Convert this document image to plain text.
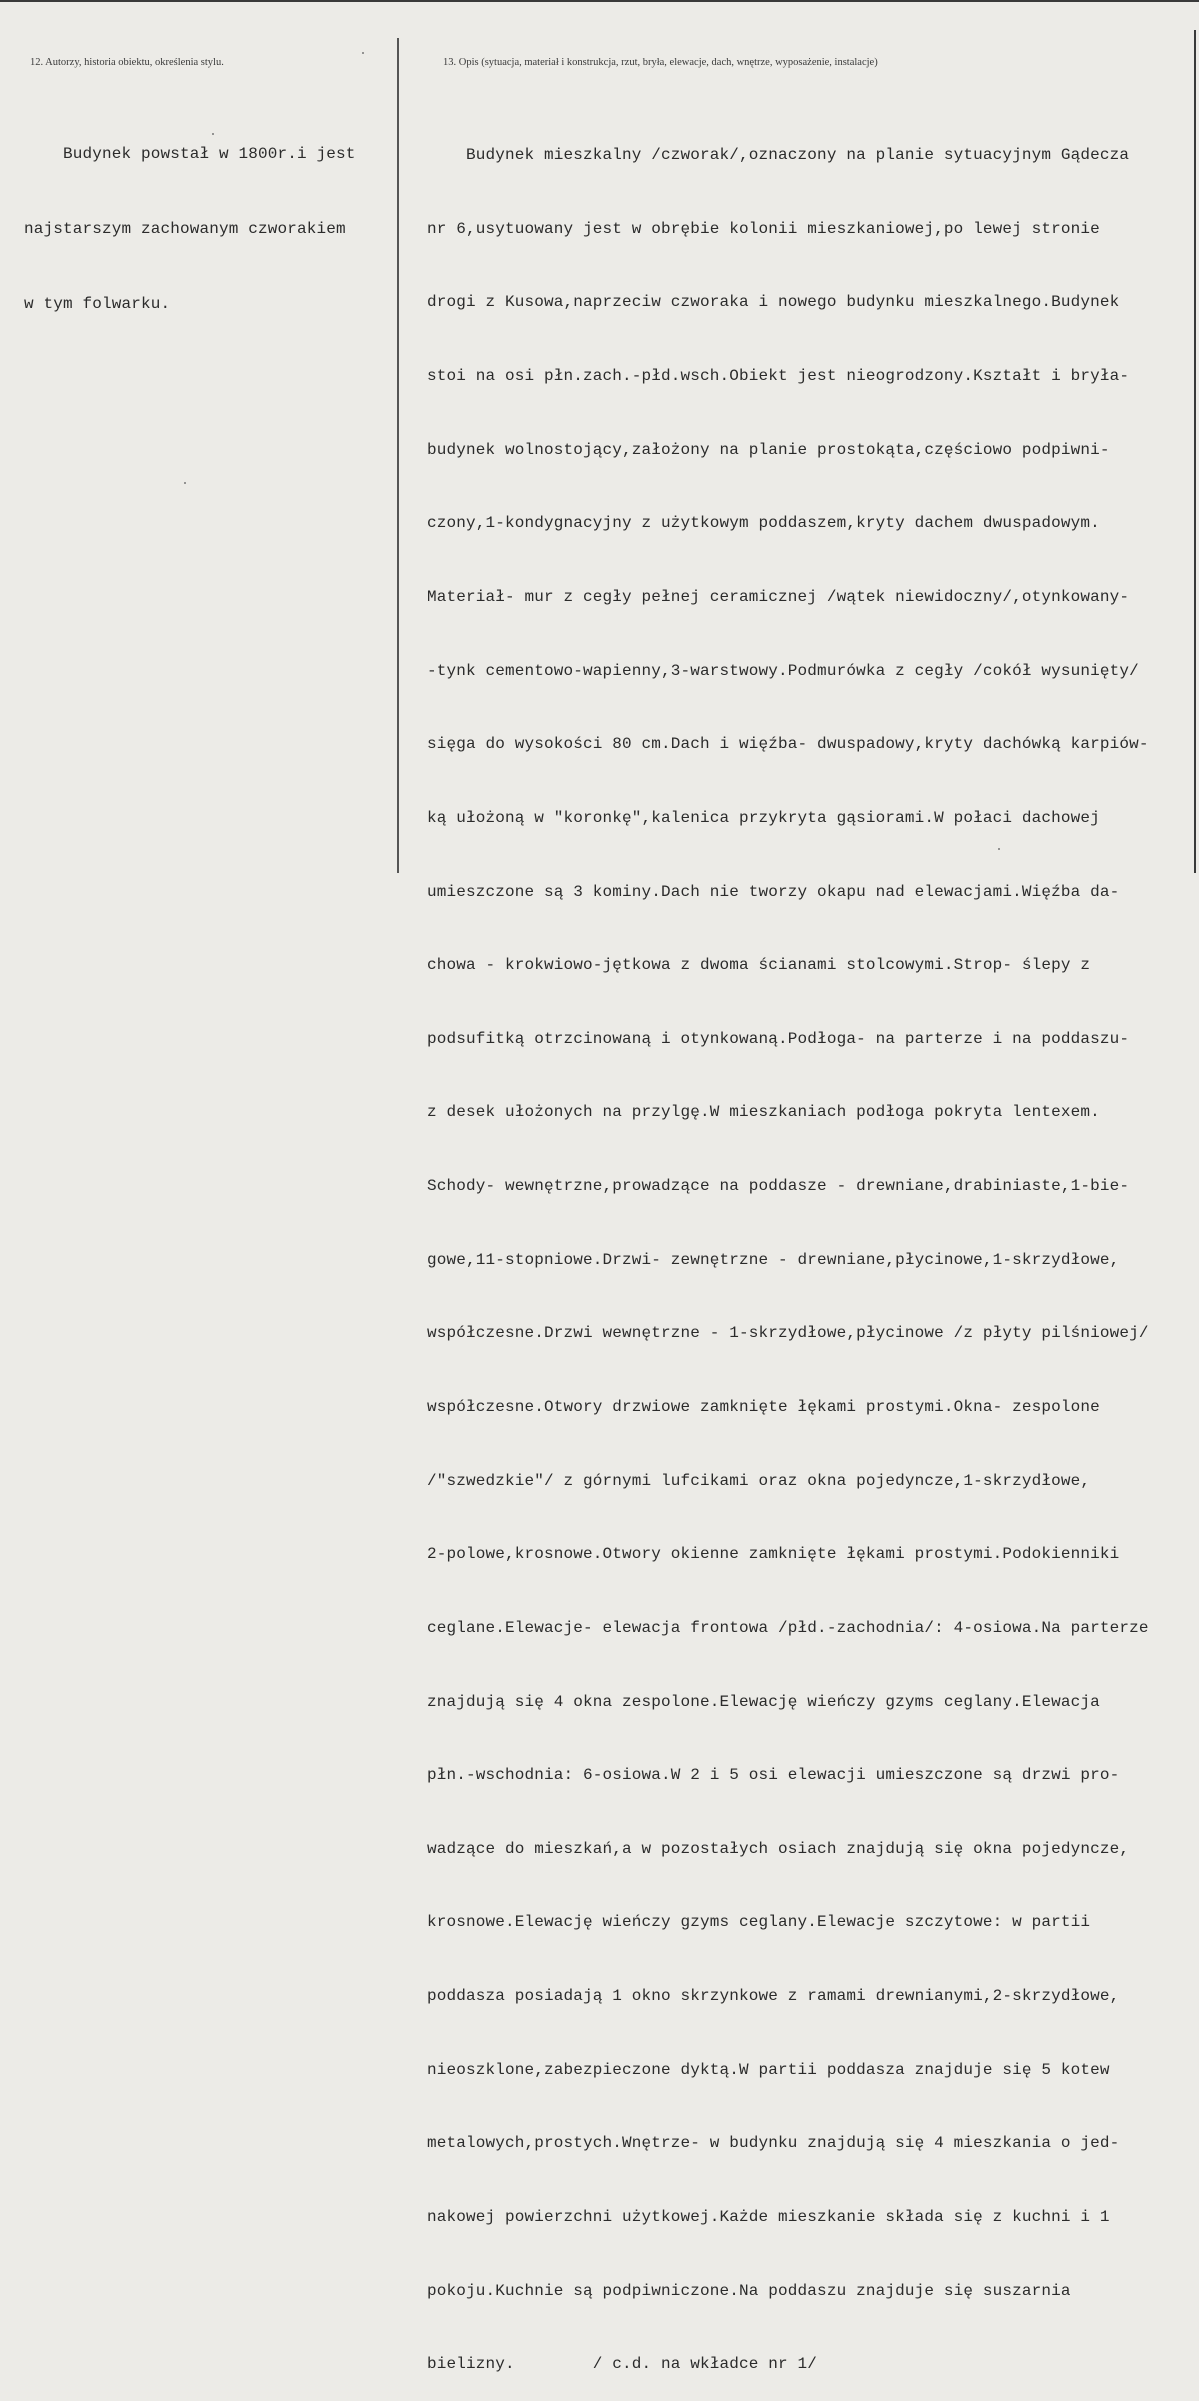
12. Autorzy, historia obiektu, określenia stylu.	13. Opis (sytuacja, materiał i konstrukcja, rzut, bryła, elewacje, dach, wnętrze, wyposażenie, instalacje)

Budynek powstał w 1800r.i jest

najstarszym zachowanym czworakiem

w tym folwarku.

Budynek mieszkalny /czworak/,oznaczony na planie sytuacyjnym Gądecza

nr 6,usytuowany jest w obrębie kolonii mieszkaniowej,po lewej stronie

drogi z Kusowa,naprzeciw czworaka i nowego budynku mieszkalnego.Budynek

stoi na osi płn.zach.-płd.wsch.Obiekt jest nieogrodzony.Kształt i bryła-

budynek wolnostojący,założony na planie prostokąta,częściowo podpiwni-

czony,1-kondygnacyjny z użytkowym poddaszem,kryty dachem dwuspadowym.

Materiał- mur z cegły pełnej ceramicznej /wątek niewidoczny/,otynkowany-

-tynk cementowo-wapienny,3-warstwowy.Podmurówka z cegły /cokół wysunięty/

sięga do wysokości 80 cm.Dach i więźba- dwuspadowy,kryty dachówką karpiów-

ką ułożoną w "koronkę",kalenica przykryta gąsiorami.W połaci dachowej

umieszczone są 3 kominy.Dach nie tworzy okapu nad elewacjami.Więźba da-

chowa - krokwiowo-jętkowa z dwoma ścianami stolcowymi.Strop- ślepy z

podsufitką otrzcinowaną i otynkowaną.Podłoga- na parterze i na poddaszu-

z desek ułożonych na przylgę.W mieszkaniach podłoga pokryta lentexem.

Schody- wewnętrzne,prowadzące na poddasze - drewniane,drabiniaste,1-bie-

gowe,11-stopniowe.Drzwi- zewnętrzne - drewniane,płycinowe,1-skrzydłowe,

współczesne.Drzwi wewnętrzne - 1-skrzydłowe,płycinowe /z płyty pilśniowej/

współczesne.Otwory drzwiowe zamknięte łękami prostymi.Okna- zespolone

/"szwedzkie"/ z górnymi lufcikami oraz okna pojedyncze,1-skrzydłowe,

2-polowe,krosnowe.Otwory okienne zamknięte łękami prostymi.Podokienniki

ceglane.Elewacje- elewacja frontowa /płd.-zachodnia/: 4-osiowa.Na parterze

znajdują się 4 okna zespolone.Elewację wieńczy gzyms ceglany.Elewacja

płn.-wschodnia: 6-osiowa.W 2 i 5 osi elewacji umieszczone są drzwi pro-

wadzące do mieszkań,a w pozostałych osiach znajdują się okna pojedyncze,

krosnowe.Elewację wieńczy gzyms ceglany.Elewacje szczytowe: w partii

poddasza posiadają 1 okno skrzynkowe z ramami drewnianymi,2-skrzydłowe,

nieoszklone,zabezpieczone dyktą.W partii poddasza znajduje się 5 kotew

metalowych,prostych.Wnętrze- w budynku znajdują się 4 mieszkania o jed-

nakowej powierzchni użytkowej.Każde mieszkanie składa się z kuchni i 1

pokoju.Kuchnie są podpiwniczone.Na poddaszu znajduje się suszarnia

bielizny.        / c.d. na wkładce nr 1/
